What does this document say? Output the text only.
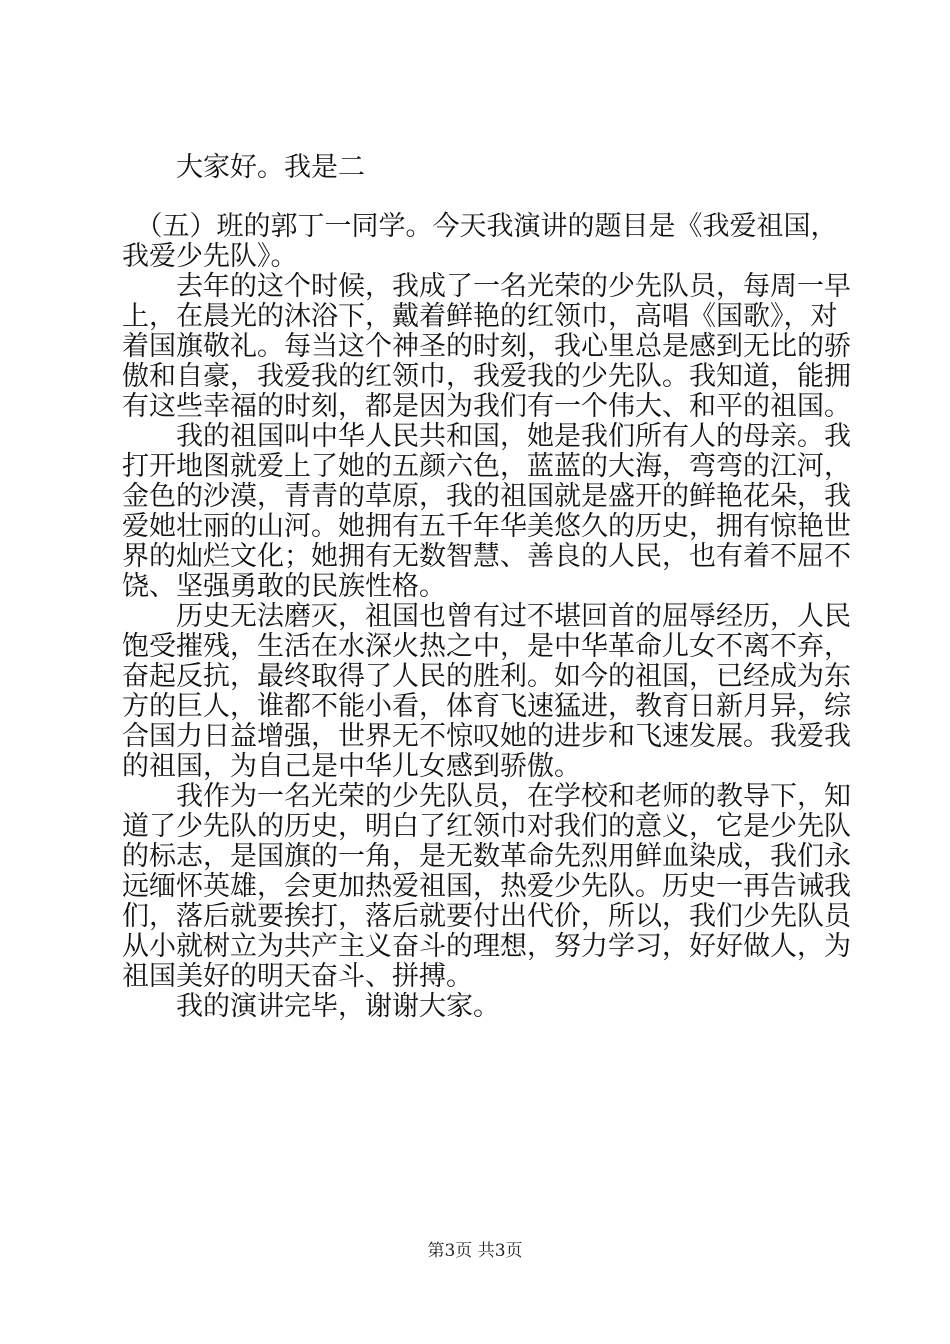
　　大家好。我是二
　（五）班的郭丁一同学。今天我演讲的题目是《我爱祖国，
我爱少先队》。
　　去年的这个时候，我成了一名光荣的少先队员，每周一早
上，在晨光的沐浴下，戴着鲜艳的红领巾，高唱《国歌》，对
着国旗敬礼。每当这个神圣的时刻，我心里总是感到无比的骄
傲和自豪，我爱我的红领巾，我爱我的少先队。我知道，能拥
有这些幸福的时刻，都是因为我们有一个伟大、和平的祖国。
　　我的祖国叫中华人民共和国，她是我们所有人的母亲。我
打开地图就爱上了她的五颜六色，蓝蓝的大海，弯弯的江河，
金色的沙漠，青青的草原，我的祖国就是盛开的鲜艳花朵，我
爱她壮丽的山河。她拥有五千年华美悠久的历史，拥有惊艳世
界的灿烂文化；她拥有无数智慧、善良的人民，也有着不屈不
饶、坚强勇敢的民族性格。
　　历史无法磨灭，祖国也曾有过不堪回首的屈辱经历，人民
饱受摧残，生活在水深火热之中，是中华革命儿女不离不弃，
奋起反抗，最终取得了人民的胜利。如今的祖国，已经成为东
方的巨人，谁都不能小看，体育飞速猛进，教育日新月异，综
合国力日益增强，世界无不惊叹她的进步和飞速发展。我爱我
的祖国，为自己是中华儿女感到骄傲。
　　我作为一名光荣的少先队员，在学校和老师的教导下，知
道了少先队的历史，明白了红领巾对我们的意义，它是少先队
的标志，是国旗的一角，是无数革命先烈用鲜血染成，我们永
远缅怀英雄，会更加热爱祖国，热爱少先队。历史一再告诫我
们，落后就要挨打，落后就要付出代价，所以，我们少先队员
从小就树立为共产主义奋斗的理想，努力学习，好好做人，为
祖国美好的明天奋斗、拼搏。
　　我的演讲完毕，谢谢大家。
第3页 共3页
